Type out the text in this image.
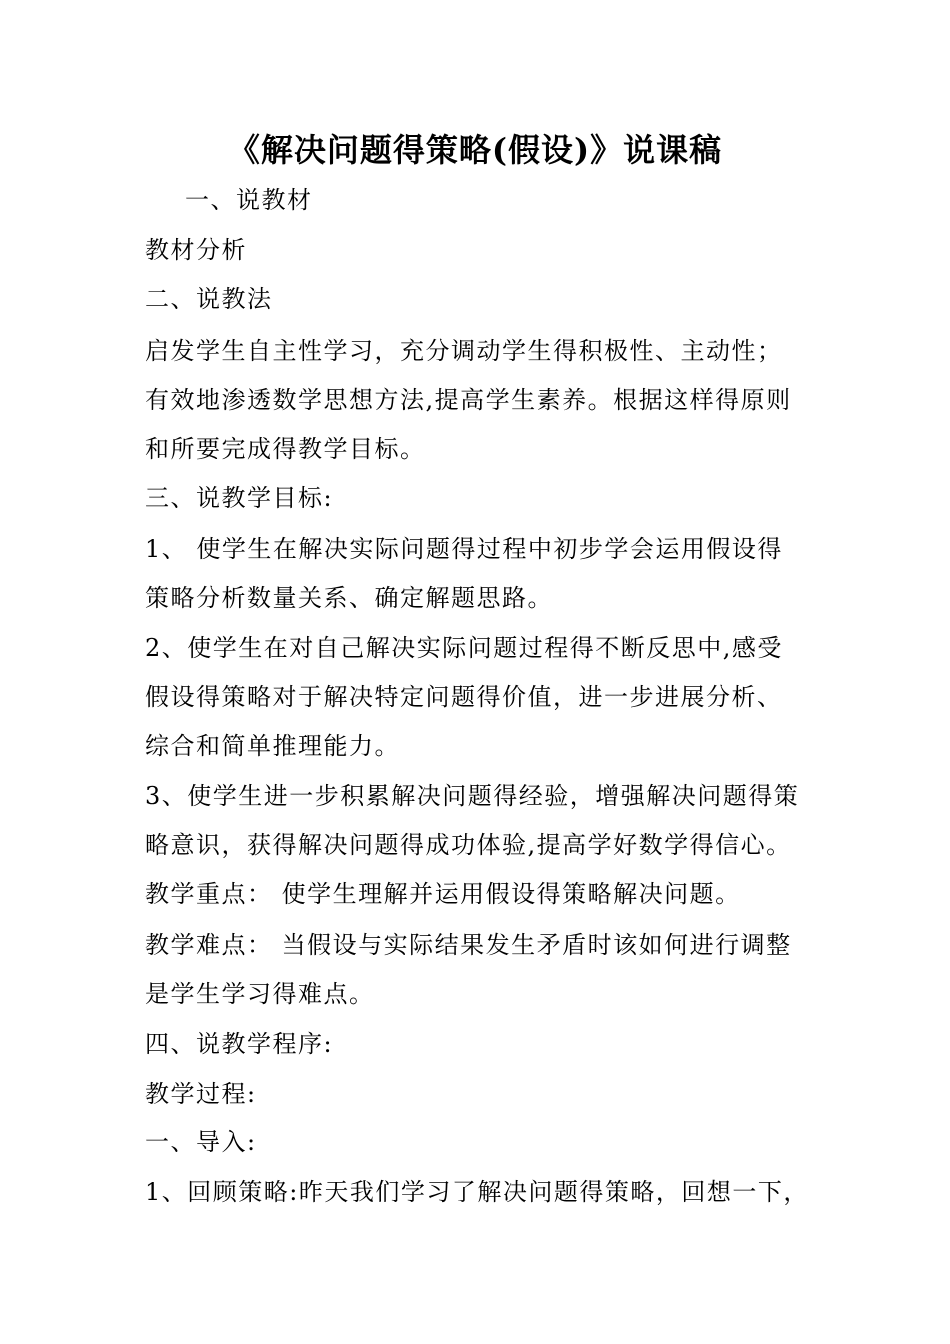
《解决问题得策略(假设)》说课稿
一、说教材
教材分析
二、说教法
启发学生自主性学习，充分调动学生得积极性、主动性；
有效地渗透数学思想方法,提高学生素养。根据这样得原则
和所要完成得教学目标。
三、说教学目标:
1、 使学生在解决实际问题得过程中初步学会运用假设得
策略分析数量关系、确定解题思路。
2、使学生在对自己解决实际问题过程得不断反思中,感受
假设得策略对于解决特定问题得价值，进一步进展分析、
综合和简单推理能力。
3、使学生进一步积累解决问题得经验，增强解决问题得策
略意识，获得解决问题得成功体验,提高学好数学得信心。
教学重点： 使学生理解并运用假设得策略解决问题。
教学难点： 当假设与实际结果发生矛盾时该如何进行调整
是学生学习得难点。
四、说教学程序:
教学过程:
一、导入:
1、回顾策略:昨天我们学习了解决问题得策略，回想一下，
